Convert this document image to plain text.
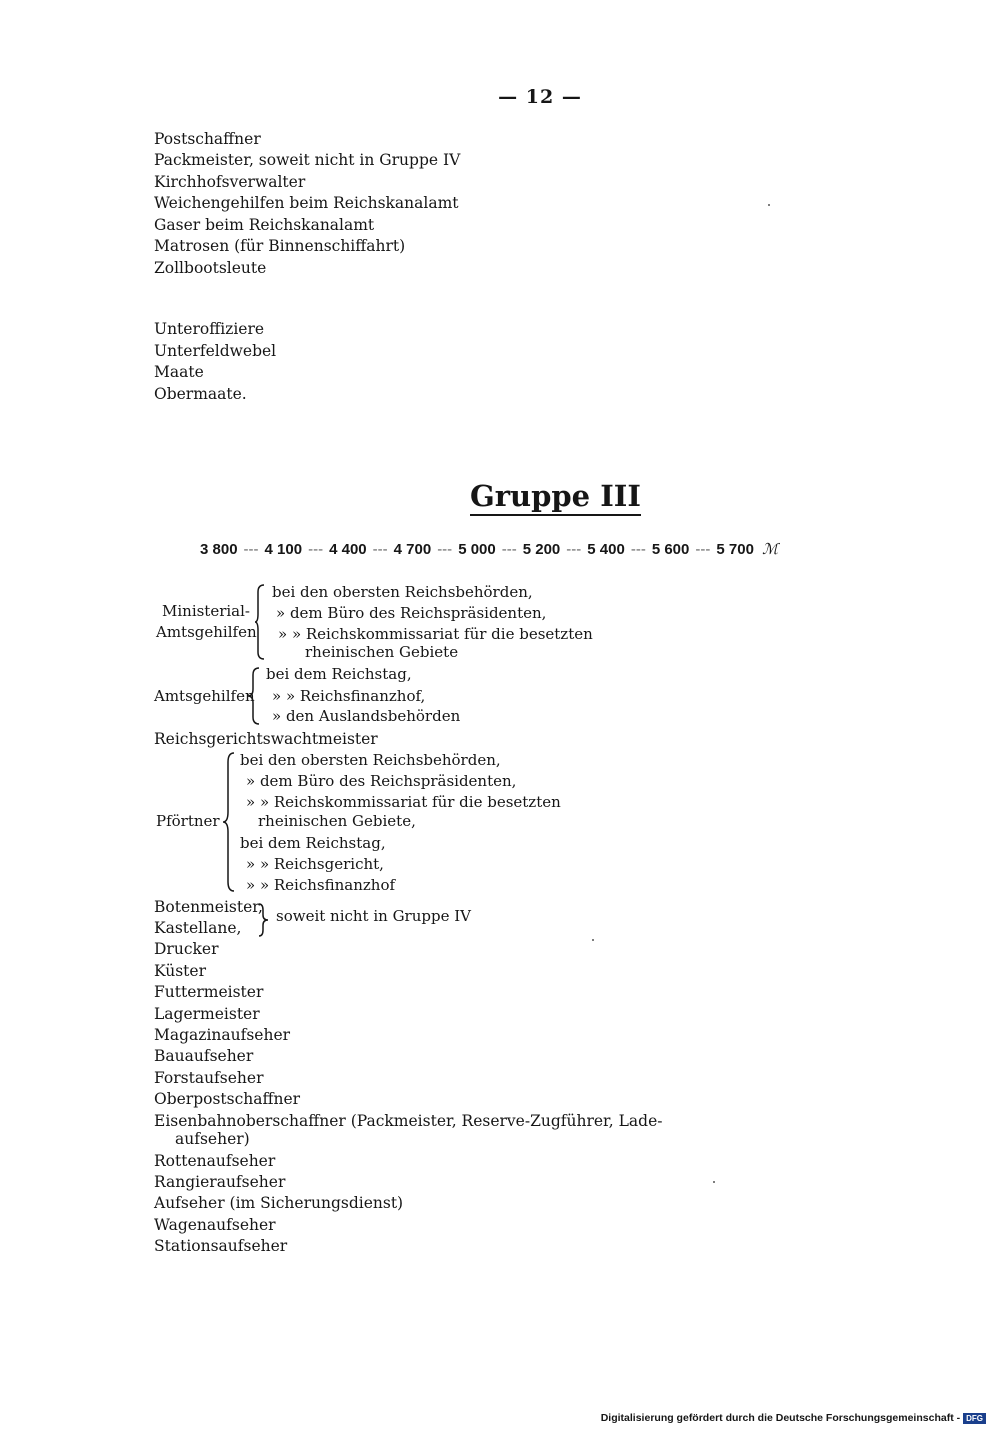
— 12 —
Postschaffner
Packmeister, soweit nicht in Gruppe IV
Kirchhofsverwalter
Weichengehilfen beim Reichskanalamt
Gaser beim Reichskanalamt
Matrosen (für Binnenschiffahrt)
Zollbootsleute
Unteroffiziere
Unterfeldwebel
Maate
Obermaate.
Gruppe III
3 800 --- 4 100 --- 4 400 --- 4 700 --- 5 000 --- 5 200 --- 5 400 --- 5 600 --- 5 700 ℳ
Ministerial-
Amtsgehilfen
bei den obersten Reichsbehörden,
» dem Büro des Reichspräsidenten,
» » Reichskommissariat für die besetzten
rheinischen Gebiete
Amtsgehilfen
bei dem Reichstag,
» » Reichsfinanzhof,
» den Auslandsbehörden
Reichsgerichtswachtmeister
Pförtner
bei den obersten Reichsbehörden,
» dem Büro des Reichspräsidenten,
» » Reichskommissariat für die besetzten
rheinischen Gebiete,
bei dem Reichstag,
» » Reichsgericht,
» » Reichsfinanzhof
Botenmeister,
Kastellane,
soweit nicht in Gruppe IV
Drucker
Küster
Futtermeister
Lagermeister
Magazinaufseher
Bauaufseher
Forstaufseher
Oberpostschaffner
Eisenbahnoberschaffner (Packmeister, Reserve-Zugführer, Lade-
aufseher)
Rottenaufseher
Rangieraufseher
Aufseher (im Sicherungsdienst)
Wagenaufseher
Stationsaufseher
Digitalisierung gefördert durch die Deutsche Forschungsgemeinschaft - DFG
